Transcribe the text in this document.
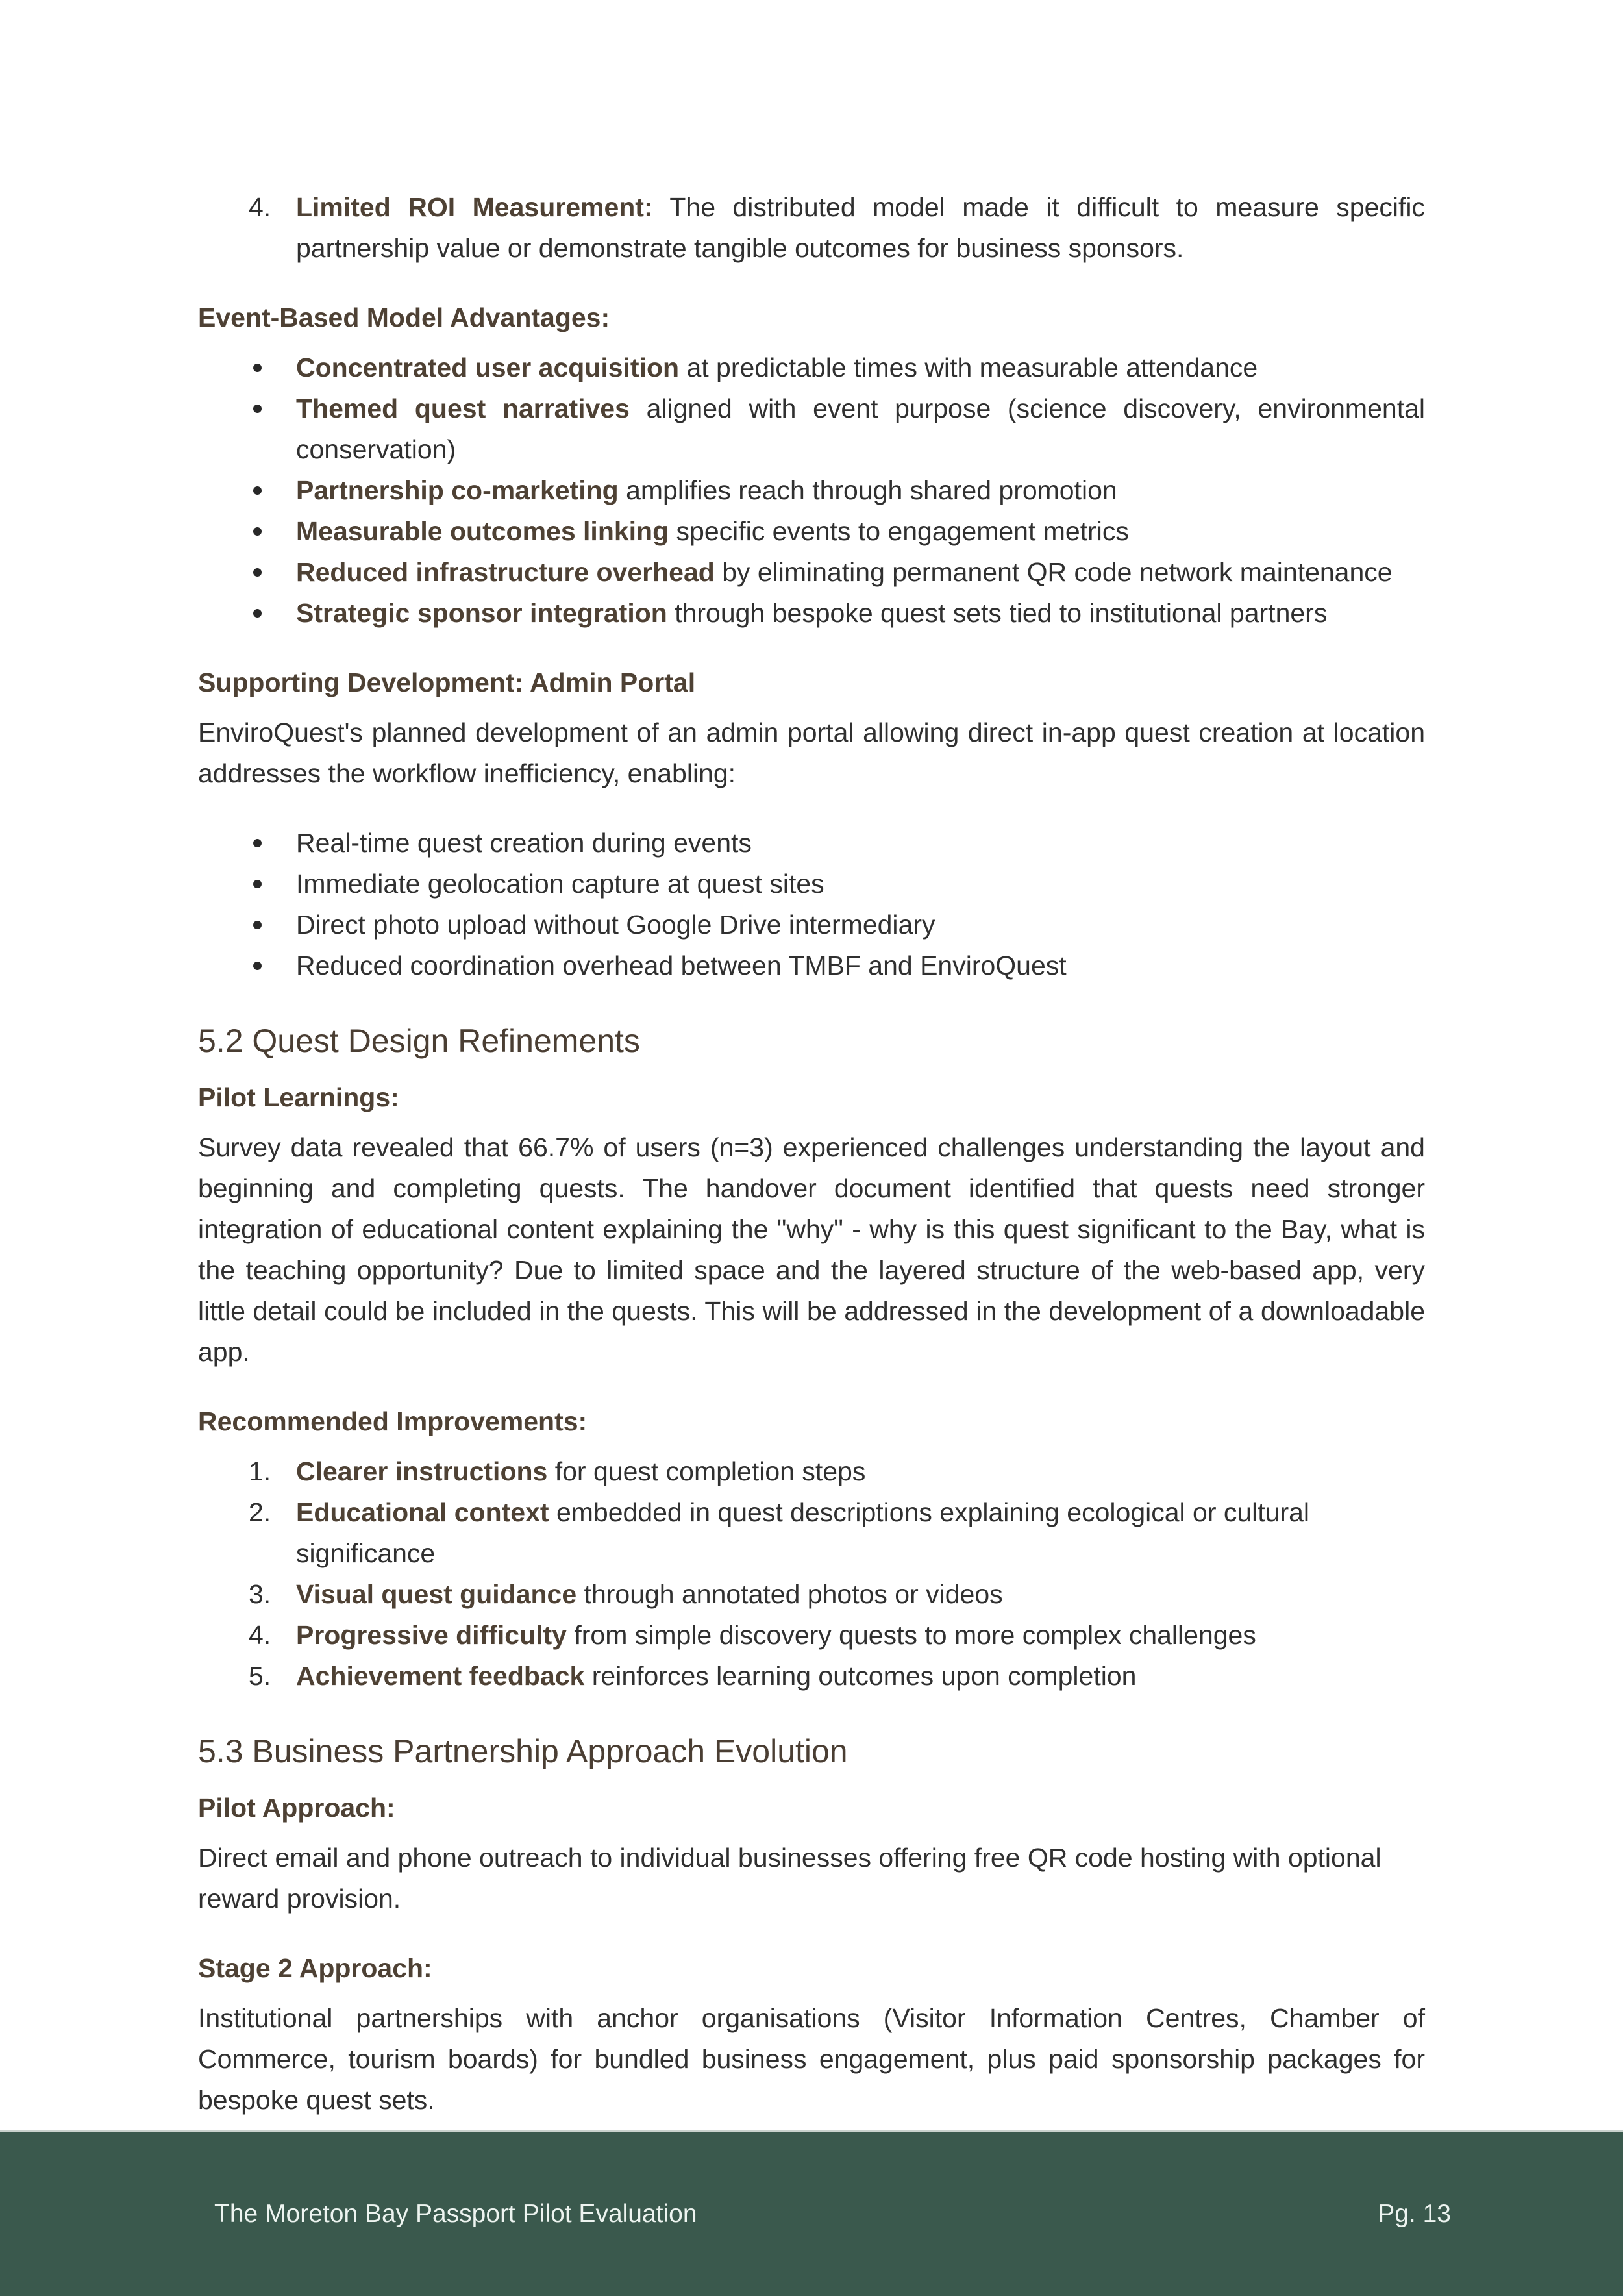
4. Limited ROI Measurement: The distributed model made it difficult to measure specific partnership value or demonstrate tangible outcomes for business sponsors.

Event-Based Model Advantages:

Concentrated user acquisition at predictable times with measurable attendance

Themed quest narratives aligned with event purpose (science discovery, environmental conservation)

Partnership co-marketing amplifies reach through shared promotion

Measurable outcomes linking specific events to engagement metrics

Reduced infrastructure overhead by eliminating permanent QR code network maintenance

Strategic sponsor integration through bespoke quest sets tied to institutional partners

Supporting Development: Admin Portal

EnviroQuest's planned development of an admin portal allowing direct in-app quest creation at location addresses the workflow inefficiency, enabling:

Real-time quest creation during events

Immediate geolocation capture at quest sites

Direct photo upload without Google Drive intermediary

Reduced coordination overhead between TMBF and EnviroQuest

5.2 Quest Design Refinements
Pilot Learnings:

Survey data revealed that 66.7% of users (n=3) experienced challenges understanding the layout and beginning and completing quests. The handover document identified that quests need stronger integration of educational content explaining the "why" - why is this quest significant to the Bay, what is the teaching opportunity? Due to limited space and the layered structure of the web-based app, very little detail could be included in the quests. This will be addressed in the development of a downloadable app.

Recommended Improvements:
1. Clearer instructions for quest completion steps

2. Educational context embedded in quest descriptions explaining ecological or cultural significance

3. Visual quest guidance through annotated photos or videos

4. Progressive difficulty from simple discovery quests to more complex challenges

5. Achievement feedback reinforces learning outcomes upon completion

5.3 Business Partnership Approach Evolution
Pilot Approach:

Direct email and phone outreach to individual businesses offering free QR code hosting with optional reward provision.

Stage 2 Approach:

Institutional partnerships with anchor organisations (Visitor Information Centres, Chamber of Commerce, tourism boards) for bundled business engagement, plus paid sponsorship packages for bespoke quest sets.

The Moreton Bay Passport Pilot Evaluation	Pg. 13
